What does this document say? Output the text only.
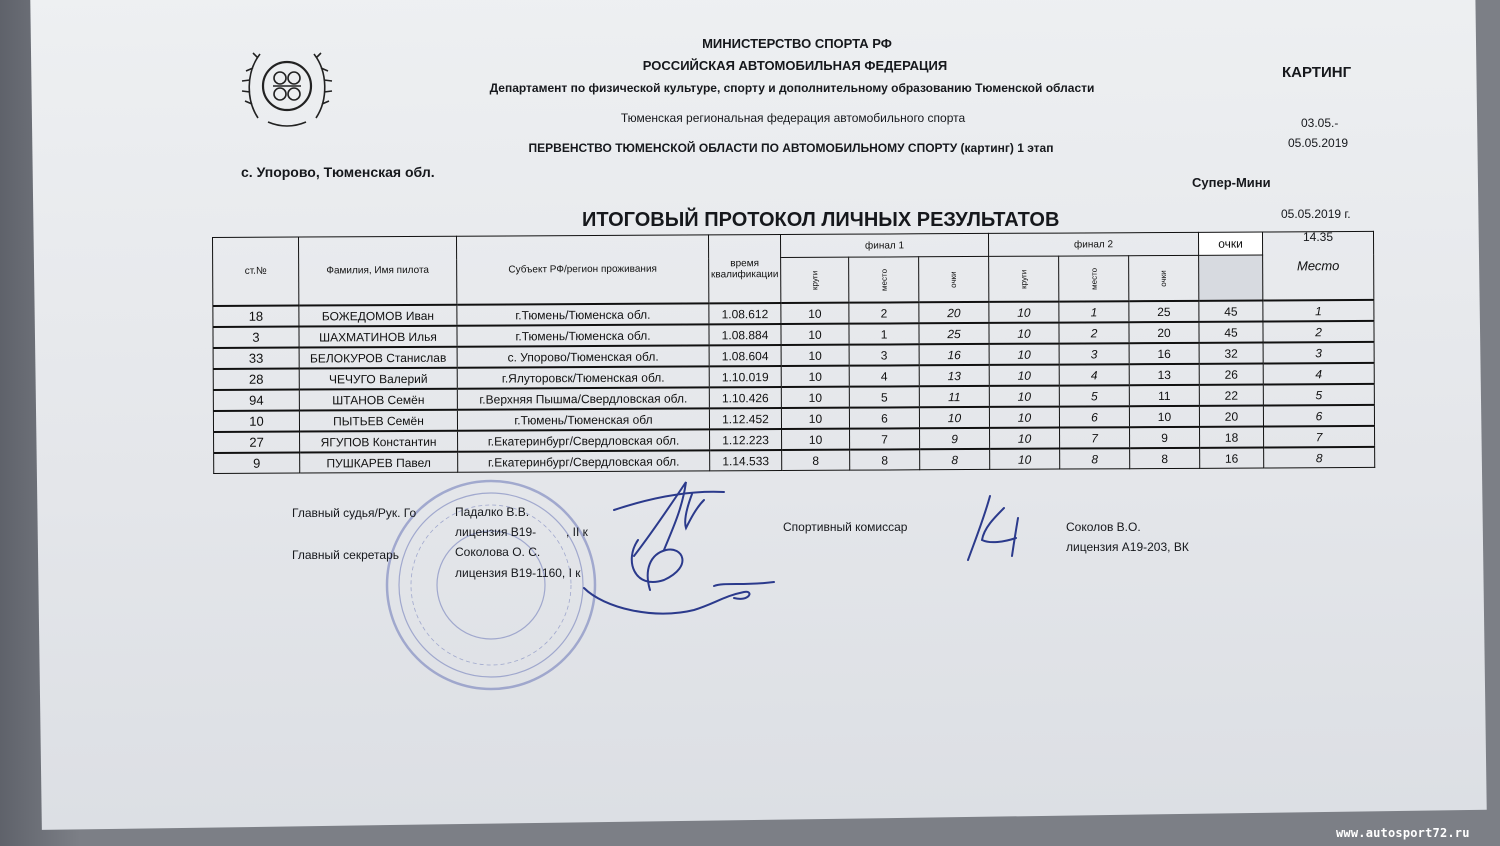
МИНИСТЕРСТВО СПОРТА РФ
РОССИЙСКАЯ АВТОМОБИЛЬНАЯ ФЕДЕРАЦИЯ
Департамент по физической культуре, спорту и дополнительному образованию Тюменской области
Тюменская региональная федерация автомобильного спорта
ПЕРВЕНСТВО ТЮМЕНСКОЙ ОБЛАСТИ ПО АВТОМОБИЛЬНОМУ СПОРТУ (картинг) 1 этап
КАРТИНГ
03.05.-
05.05.2019
с. Упорово, Тюменская обл.
Супер-Мини
ИТОГОВЫЙ ПРОТОКОЛ ЛИЧНЫХ РЕЗУЛЬТАТОВ	05.05.2019 г.
14.35
ст.№	Фамилия, Имя пилота	Субъект РФ/регион проживания	время квалификации	финал 1			финал 2			очки	Место
				круги	место	очки	круги	место	очки		
18	БОЖЕДОМОВ Иван	г.Тюмень/Тюменска обл.	1.08.612	10	2	20	10	1	25	45	1
3	ШАХМАТИНОВ Илья	г.Тюмень/Тюменска обл.	1.08.884	10	1	25	10	2	20	45	2
33	БЕЛОКУРОВ Станислав	с. Упорово/Тюменская обл.	1.08.604	10	3	16	10	3	16	32	3
28	ЧЕЧУГО Валерий	г.Ялуторовск/Тюменская обл.	1.10.019	10	4	13	10	4	13	26	4
94	ШТАНОВ Семён	г.Верхняя Пышма/Свердловская обл.	1.10.426	10	5	11	10	5	11	22	5
10	ПЫТЬЕВ Семён	г.Тюмень/Тюменская обл	1.12.452	10	6	10	10	6	10	20	6
27	ЯГУПОВ Константин	г.Екатеринбург/Свердловская обл.	1.12.223	10	7	9	10	7	9	18	7
9	ПУШКАРЕВ Павел	г.Екатеринбург/Свердловская обл.	1.14.533	8	8	8	10	8	8	16	8
Главный судья/Рук. Го	Падалко В.В.
лицензия В19- , II к
Главный секретарь	Соколова О. С.
лицензия В19-1160, I к
Спортивный комиссар	Соколов В.О.
лицензия А19-203, ВК
www.autosport72.ru
